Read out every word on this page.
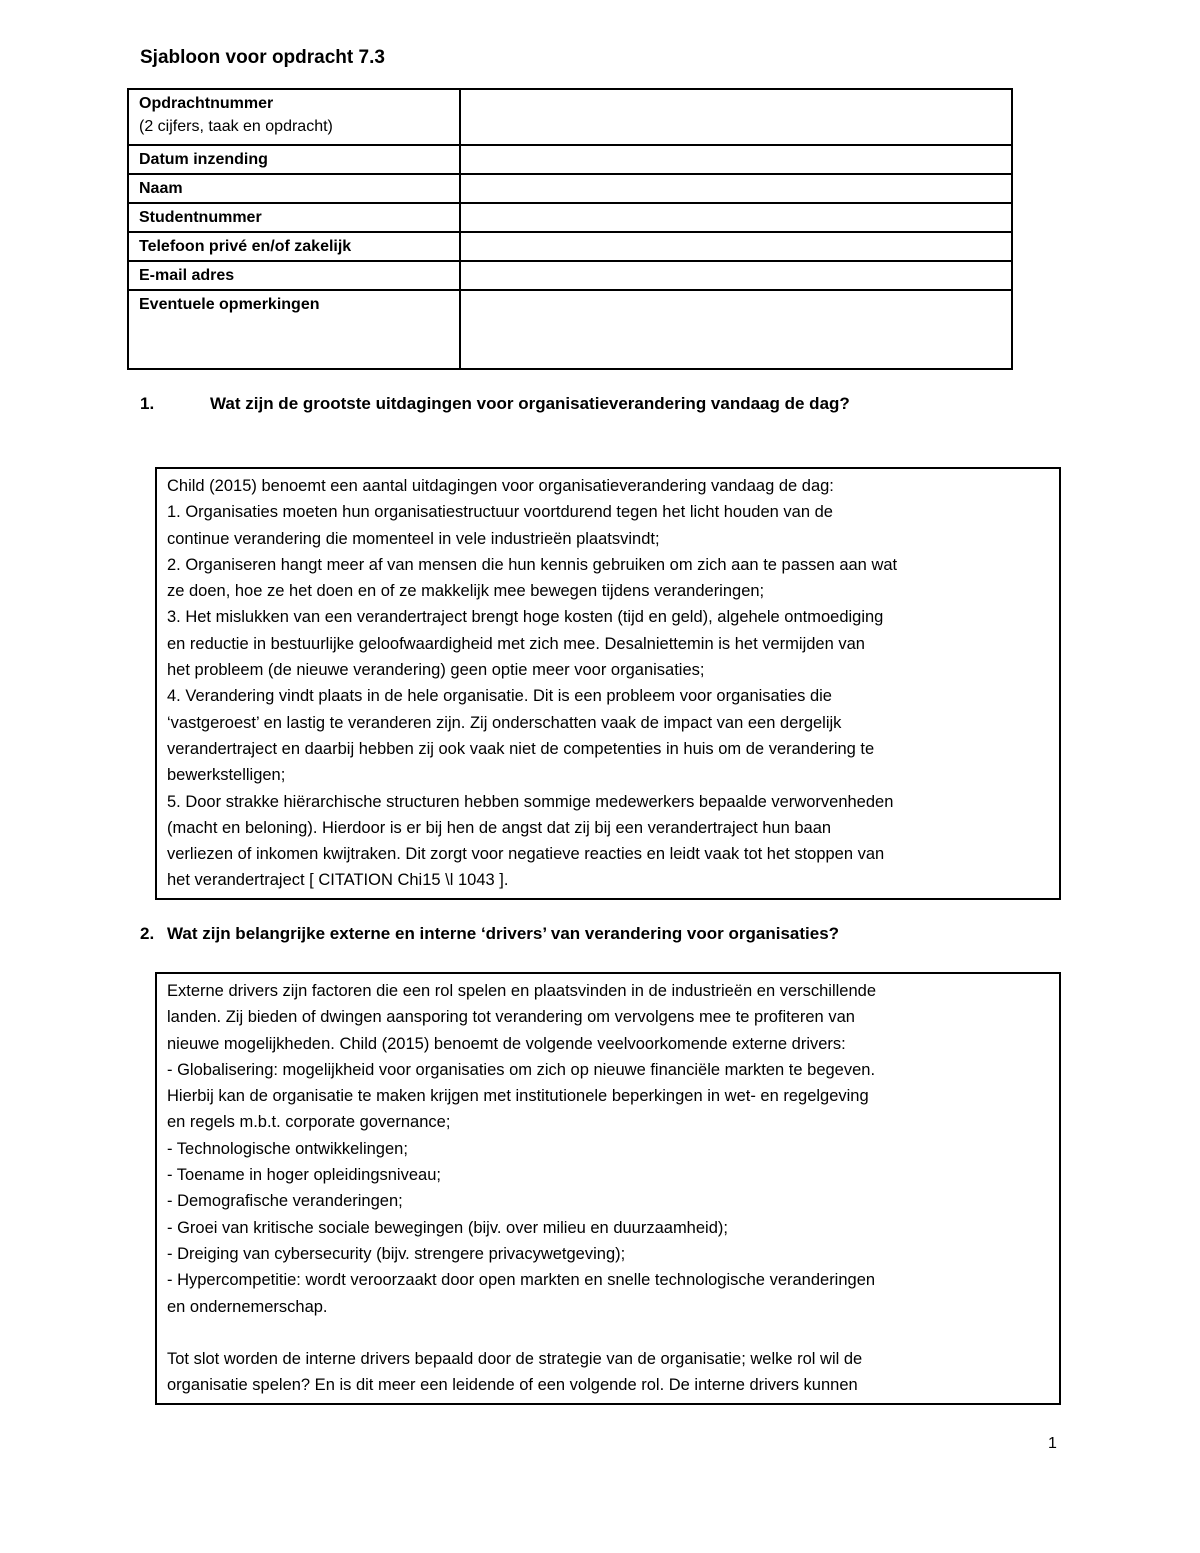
Sjabloon voor opdracht 7.3
Opdrachtnummer
(2 cijfers, taak en opdracht)	

Datum inzending	
Naam	
Studentnummer	
Telefoon privé en/of zakelijk	
E-mail adres	
Eventuele opmerkingen	
1.	Wat zijn de grootste uitdagingen voor organisatieverandering vandaag de dag?
Child (2015) benoemt een aantal uitdagingen voor organisatieverandering vandaag de dag:
1. Organisaties moeten hun organisatiestructuur voortdurend tegen het licht houden van de
continue verandering die momenteel in vele industrieën plaatsvindt;
2. Organiseren hangt meer af van mensen die hun kennis gebruiken om zich aan te passen aan wat
ze doen, hoe ze het doen en of ze makkelijk mee bewegen tijdens veranderingen;
3. Het mislukken van een verandertraject brengt hoge kosten (tijd en geld), algehele ontmoediging
en reductie in bestuurlijke geloofwaardigheid met zich mee. Desalniettemin is het vermijden van
het probleem (de nieuwe verandering) geen optie meer voor organisaties;
4. Verandering vindt plaats in de hele organisatie. Dit is een probleem voor organisaties die
‘vastgeroest’ en lastig te veranderen zijn. Zij onderschatten vaak de impact van een dergelijk
verandertraject en daarbij hebben zij ook vaak niet de competenties in huis om de verandering te
bewerkstelligen;
5. Door strakke hiërarchische structuren hebben sommige medewerkers bepaalde verworvenheden
(macht en beloning). Hierdoor is er bij hen de angst dat zij bij een verandertraject hun baan
verliezen of inkomen kwijtraken. Dit zorgt voor negatieve reacties en leidt vaak tot het stoppen van
het verandertraject [ CITATION Chi15 \l 1043 ].
2. Wat zijn belangrijke externe en interne ‘drivers’ van verandering voor organisaties?
Externe drivers zijn factoren die een rol spelen en plaatsvinden in de industrieën en verschillende
landen. Zij bieden of dwingen aansporing tot verandering om vervolgens mee te profiteren van
nieuwe mogelijkheden. Child (2015) benoemt de volgende veelvoorkomende externe drivers:
- Globalisering: mogelijkheid voor organisaties om zich op nieuwe financiële markten te begeven.
Hierbij kan de organisatie te maken krijgen met institutionele beperkingen in wet- en regelgeving
en regels m.b.t. corporate governance;
- Technologische ontwikkelingen;
- Toename in hoger opleidingsniveau;
- Demografische veranderingen;
- Groei van kritische sociale bewegingen (bijv. over milieu en duurzaamheid);
- Dreiging van cybersecurity (bijv. strengere privacywetgeving);
- Hypercompetitie: wordt veroorzaakt door open markten en snelle technologische veranderingen
en ondernemerschap.
Tot slot worden de interne drivers bepaald door de strategie van de organisatie; welke rol wil de
organisatie spelen? En is dit meer een leidende of een volgende rol. De interne drivers kunnen
1
